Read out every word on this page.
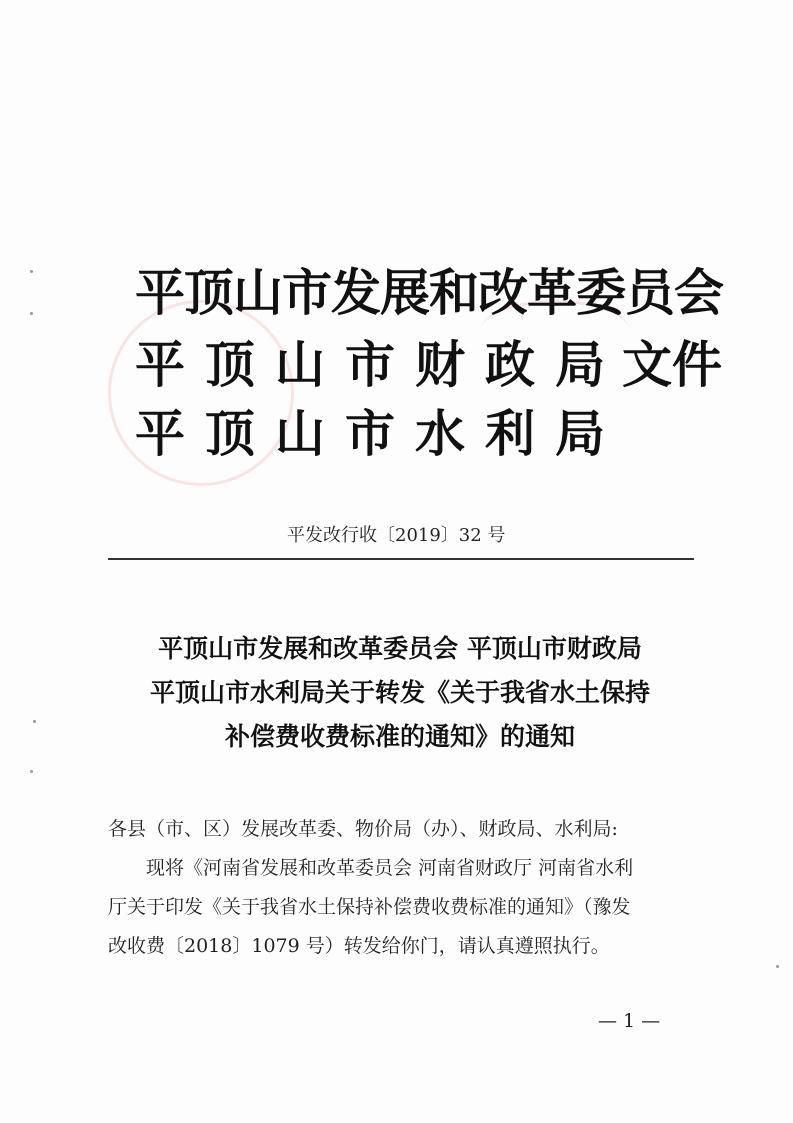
平顶山市发展和改革委员会
平 顶 山 市 财 政 局 文件
平 顶 山 市 水 利 局
平发改行收〔2019〕32 号
平顶山市发展和改革委员会 平顶山市财政局
平顶山市水利局关于转发《关于我省水土保持
补偿费收费标准的通知》的通知

各县（市、区）发展改革委、物价局（办）、财政局、水利局:

现将《河南省发展和改革委员会 河南省财政厅 河南省水利

厅关于印发《关于我省水土保持补偿费收费标准的通知》（豫发

改收费〔2018〕1079 号）转发给你门，请认真遵照执行。

— 1 —
